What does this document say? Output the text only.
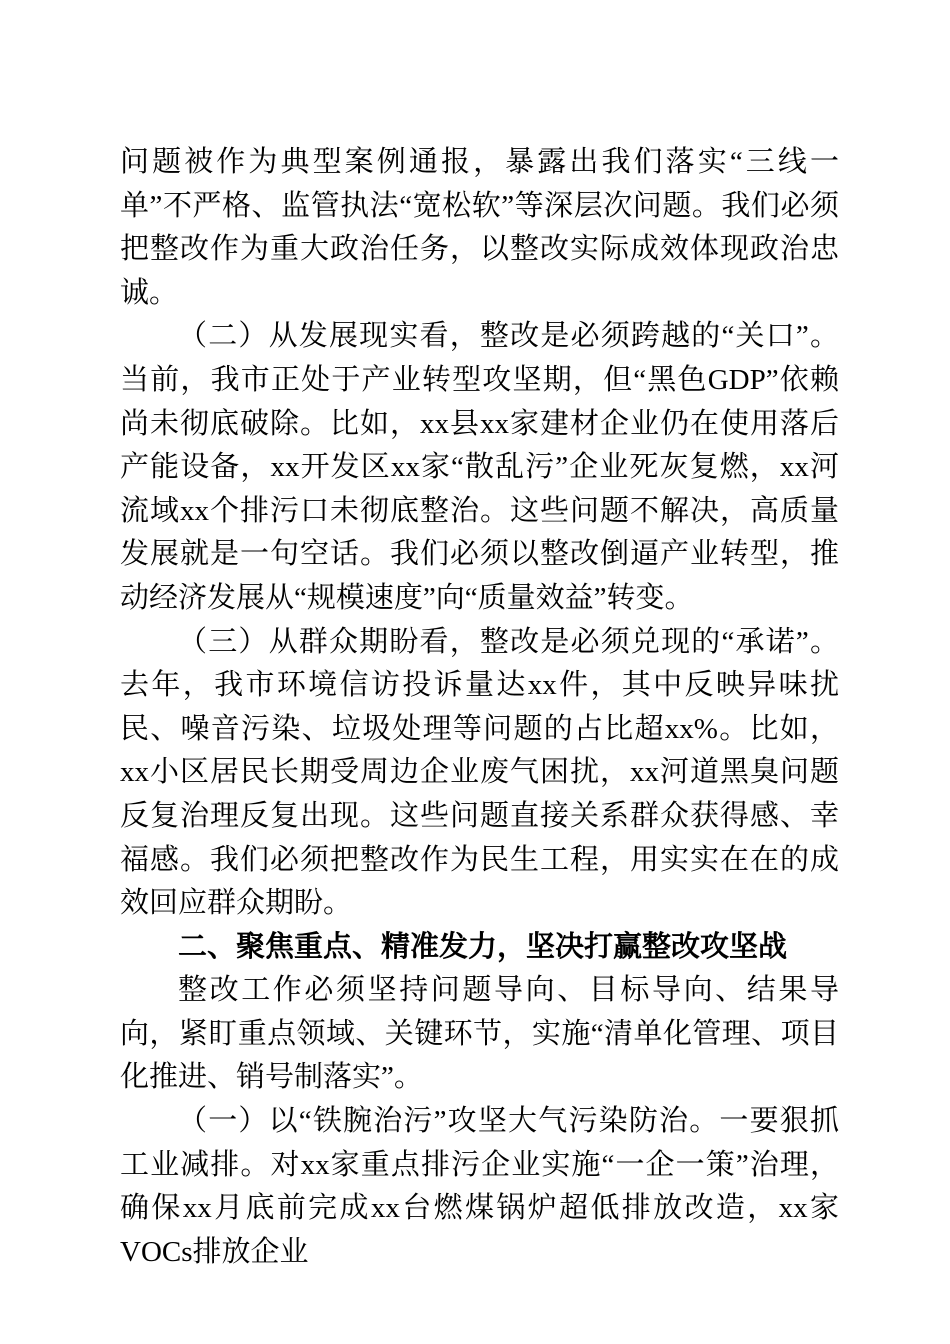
问题被作为典型案例通报，暴露出我们落实“三线一单”不严格、监管执法“宽松软”等深层次问题。我们必须把整改作为重大政治任务，以整改实际成效体现政治忠诚。

（二）从发展现实看，整改是必须跨越的“关口”。当前，我市正处于产业转型攻坚期，但“黑色GDP”依赖尚未彻底破除。比如，xx县xx家建材企业仍在使用落后产能设备，xx开发区xx家“散乱污”企业死灰复燃，xx河流域xx个排污口未彻底整治。这些问题不解决，高质量发展就是一句空话。我们必须以整改倒逼产业转型，推动经济发展从“规模速度”向“质量效益”转变。

（三）从群众期盼看，整改是必须兑现的“承诺”。去年，我市环境信访投诉量达xx件，其中反映异味扰民、噪音污染、垃圾处理等问题的占比超xx%。比如，xx小区居民长期受周边企业废气困扰，xx河道黑臭问题反复治理反复出现。这些问题直接关系群众获得感、幸福感。我们必须把整改作为民生工程，用实实在在的成效回应群众期盼。

二、聚焦重点、精准发力，坚决打赢整改攻坚战

整改工作必须坚持问题导向、目标导向、结果导向，紧盯重点领域、关键环节，实施“清单化管理、项目化推进、销号制落实”。

（一）以“铁腕治污”攻坚大气污染防治。一要狠抓工业减排。对xx家重点排污企业实施“一企一策”治理，确保xx月底前完成xx台燃煤锅炉超低排放改造，xx家VOCs排放企业
